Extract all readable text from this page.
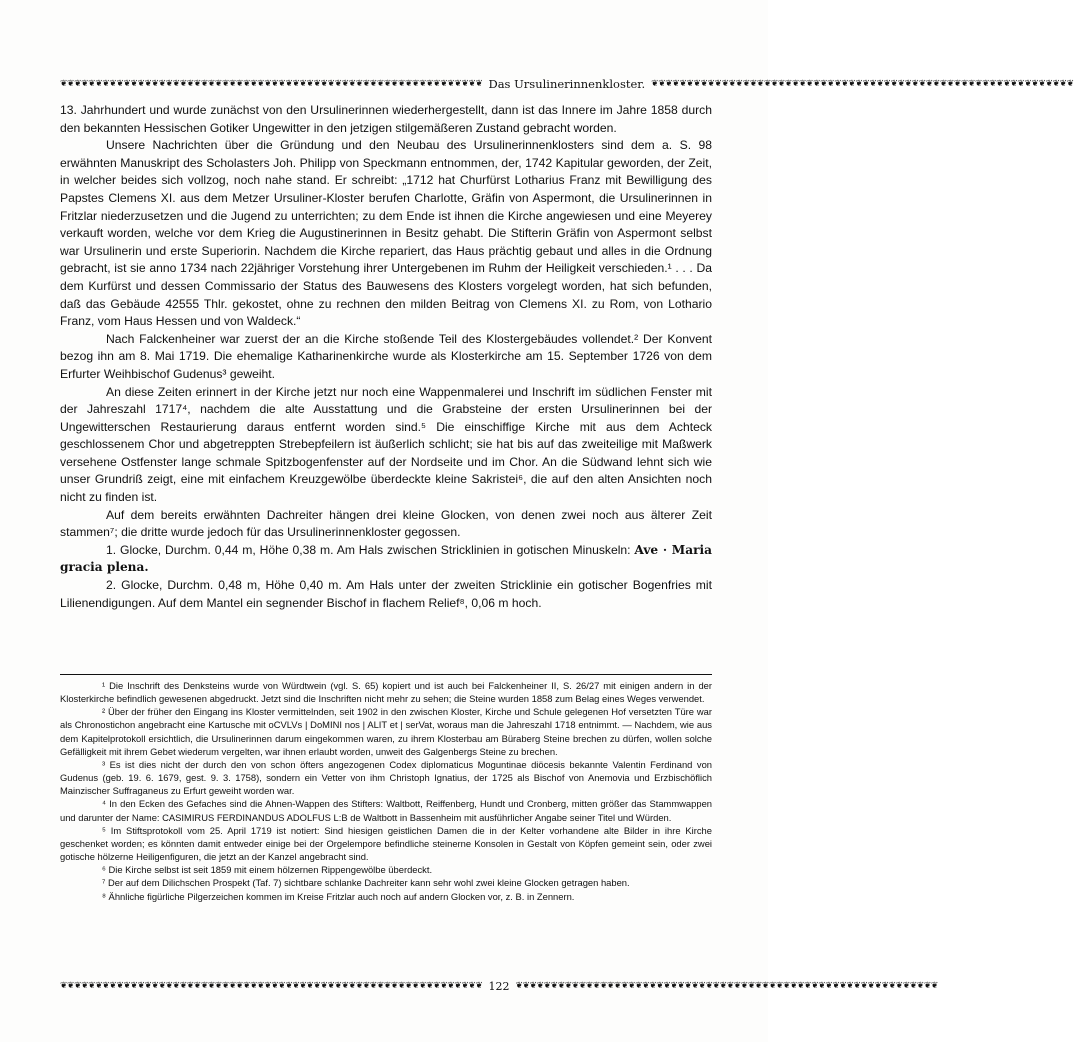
❦❦❦❦❦❦❦❦❦❦❦❦❦❦❦❦❦❦❦❦❦❦❦❦❦❦❦❦❦❦❦❦❦❦❦❦❦❦❦❦❦❦❦❦❦❦❦❦❦❦❦❦❦❦❦❦❦❦❦❦ Das Ursulinerinnenkloster. ❦❦❦❦❦❦❦❦❦❦❦❦❦❦❦❦❦❦❦❦❦❦❦❦❦❦❦❦❦❦❦❦❦❦❦❦❦❦❦❦❦❦❦❦❦❦❦❦❦❦❦❦❦❦❦❦❦❦❦❦

13. Jahrhundert und wurde zunächst von den Ursulinerinnen wiederhergestellt, dann ist das Innere im Jahre 1858 durch den bekannten Hessischen Gotiker Ungewitter in den jetzigen stilgemäßeren Zustand gebracht worden.

Unsere Nachrichten über die Gründung und den Neubau des Ursulinerinnenklosters sind dem a. S. 98 erwähnten Manuskript des Scholasters Joh. Philipp von Speckmann entnommen, der, 1742 Kapitular geworden, der Zeit, in welcher beides sich vollzog, noch nahe stand. Er schreibt: „1712 hat Churfürst Lotharius Franz mit Bewilligung des Papstes Clemens XI. aus dem Metzer Ursuliner-Kloster berufen Charlotte, Gräfin von Aspermont, die Ursulinerinnen in Fritzlar niederzusetzen und die Jugend zu unterrichten; zu dem Ende ist ihnen die Kirche angewiesen und eine Meyerey verkauft worden, welche vor dem Krieg die Augustinerinnen in Besitz gehabt. Die Stifterin Gräfin von Aspermont selbst war Ursulinerin und erste Superiorin. Nachdem die Kirche repariert, das Haus prächtig gebaut und alles in die Ordnung gebracht, ist sie anno 1734 nach 22jähriger Vorstehung ihrer Untergebenen im Ruhm der Heiligkeit verschieden.¹ . . . Da dem Kurfürst und dessen Commissario der Status des Bauwesens des Klosters vorgelegt worden, hat sich befunden, daß das Gebäude 42555 Thlr. gekostet, ohne zu rechnen den milden Beitrag von Clemens XI. zu Rom, von Lothario Franz, vom Haus Hessen und von Waldeck.“

Nach Falckenheiner war zuerst der an die Kirche stoßende Teil des Klostergebäudes vollendet.² Der Konvent bezog ihn am 8. Mai 1719. Die ehemalige Katharinenkirche wurde als Klosterkirche am 15. September 1726 von dem Erfurter Weihbischof Gudenus³ geweiht.

An diese Zeiten erinnert in der Kirche jetzt nur noch eine Wappenmalerei und Inschrift im südlichen Fenster mit der Jahreszahl 1717⁴, nachdem die alte Ausstattung und die Grabsteine der ersten Ursulinerinnen bei der Ungewitterschen Restaurierung daraus entfernt worden sind.⁵ Die einschiffige Kirche mit aus dem Achteck geschlossenem Chor und abgetreppten Strebepfeilern ist äußerlich schlicht; sie hat bis auf das zweiteilige mit Maßwerk versehene Ostfenster lange schmale Spitzbogenfenster auf der Nordseite und im Chor. An die Südwand lehnt sich wie unser Grundriß zeigt, eine mit einfachem Kreuzgewölbe überdeckte kleine Sakristei⁶, die auf den alten Ansichten noch nicht zu finden ist.

Auf dem bereits erwähnten Dachreiter hängen drei kleine Glocken, von denen zwei noch aus älterer Zeit stammen⁷; die dritte wurde jedoch für das Ursulinerinnenkloster gegossen.

1. Glocke, Durchm. 0,44 m, Höhe 0,38 m. Am Hals zwischen Stricklinien in gotischen Minuskeln: Ave · Maria gracia plena.

2. Glocke, Durchm. 0,48 m, Höhe 0,40 m. Am Hals unter der zweiten Stricklinie ein gotischer Bogenfries mit Lilienendigungen. Auf dem Mantel ein segnender Bischof in flachem Relief⁸, 0,06 m hoch.

¹ Die Inschrift des Denksteins wurde von Würdtwein (vgl. S. 65) kopiert und ist auch bei Falckenheiner II, S. 26/27 mit einigen andern in der Klosterkirche befindlich gewesenen abgedruckt. Jetzt sind die Inschriften nicht mehr zu sehen; die Steine wurden 1858 zum Belag eines Weges verwendet.

² Über der früher den Eingang ins Kloster vermittelnden, seit 1902 in den zwischen Kloster, Kirche und Schule gelegenen Hof versetzten Türe war als Chronostichon angebracht eine Kartusche mit oCVLVs | DoMINI nos | ALIT et | serVat, woraus man die Jahreszahl 1718 entnimmt. — Nachdem, wie aus dem Kapitelprotokoll ersichtlich, die Ursulinerinnen darum eingekommen waren, zu ihrem Klosterbau am Büraberg Steine brechen zu dürfen, wollen solche Gefälligkeit mit ihrem Gebet wiederum vergelten, war ihnen erlaubt worden, unweit des Galgenbergs Steine zu brechen.

³ Es ist dies nicht der durch den von schon öfters angezogenen Codex diplomaticus Moguntinae diöcesis bekannte Valentin Ferdinand von Gudenus (geb. 19. 6. 1679, gest. 9. 3. 1758), sondern ein Vetter von ihm Christoph Ignatius, der 1725 als Bischof von Anemovia und Erzbischöflich Mainzischer Suffraganeus zu Erfurt geweiht worden war.

⁴ In den Ecken des Gefaches sind die Ahnen-Wappen des Stifters: Waltbott, Reiffenberg, Hundt und Cronberg, mitten größer das Stammwappen und darunter der Name: CASIMIRUS FERDINANDUS ADOLFUS L:B de Waltbott in Bassenheim mit ausführlicher Angabe seiner Titel und Würden.

⁵ Im Stiftsprotokoll vom 25. April 1719 ist notiert: Sind hiesigen geistlichen Damen die in der Kelter vorhandene alte Bilder in ihre Kirche geschenket worden; es könnten damit entweder einige bei der Orgelempore befindliche steinerne Konsolen in Gestalt von Köpfen gemeint sein, oder zwei gotische hölzerne Heiligenfiguren, die jetzt an der Kanzel angebracht sind.

⁶ Die Kirche selbst ist seit 1859 mit einem hölzernen Rippengewölbe überdeckt.

⁷ Der auf dem Dilichschen Prospekt (Taf. 7) sichtbare schlanke Dachreiter kann sehr wohl zwei kleine Glocken getragen haben.

⁸ Ähnliche figürliche Pilgerzeichen kommen im Kreise Fritzlar auch noch auf andern Glocken vor, z. B. in Zennern.

❦❦❦❦❦❦❦❦❦❦❦❦❦❦❦❦❦❦❦❦❦❦❦❦❦❦❦❦❦❦❦❦❦❦❦❦❦❦❦❦❦❦❦❦❦❦❦❦❦❦❦❦❦❦❦❦❦❦❦❦ 122 ❦❦❦❦❦❦❦❦❦❦❦❦❦❦❦❦❦❦❦❦❦❦❦❦❦❦❦❦❦❦❦❦❦❦❦❦❦❦❦❦❦❦❦❦❦❦❦❦❦❦❦❦❦❦❦❦❦❦❦❦
